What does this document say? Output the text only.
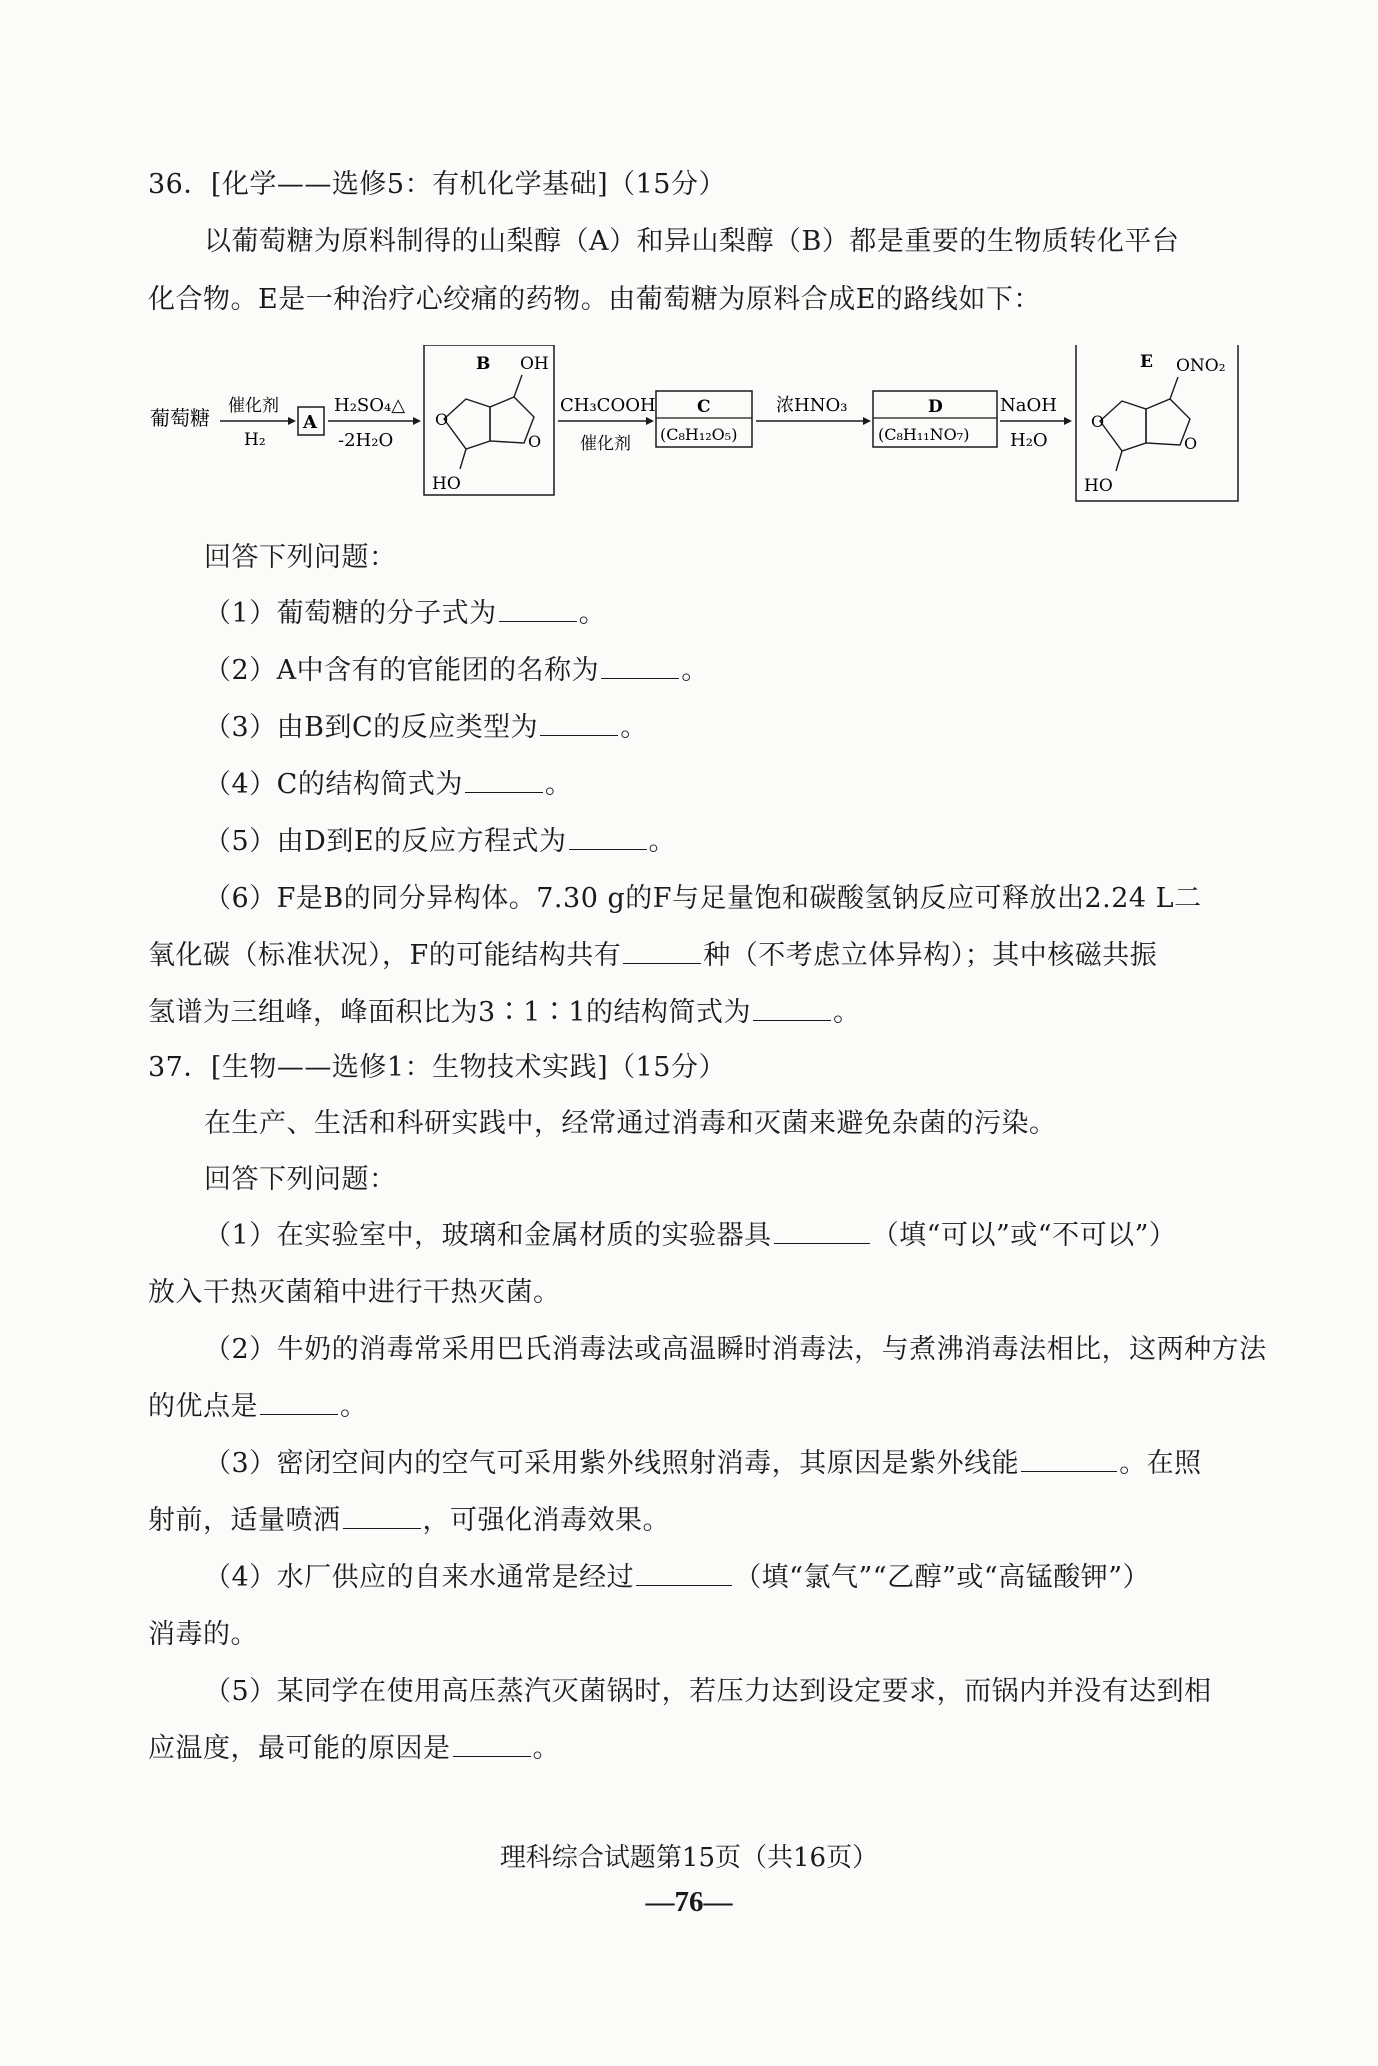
36．[化学——选修5：有机化学基础]（15分）
以葡萄糖为原料制得的山梨醇（A）和异山梨醇（B）都是重要的生物质转化平台
化合物。E是一种治疗心绞痛的药物。由葡萄糖为原料合成E的路线如下：
葡萄糖 催化剂
H₂
A
H₂SO₄△
-2H₂O
B OH
O
O
HO
CH₃COOH
催化剂
C
(C₈H₁₂O₅)
浓HNO₃	D
(C₈H₁₁NO₇)
NaOH
H₂O
E ONO₂
O
O
HO
回答下列问题：
（1）葡萄糖的分子式为	。
（2）A中含有的官能团的名称为	。
（3）由B到C的反应类型为	。
（4）C的结构简式为	。
（5）由D到E的反应方程式为	。
（6）F是B的同分异构体。7.30 g的F与足量饱和碳酸氢钠反应可释放出2.24 L二
氧化碳（标准状况），F的可能结构共有	种（不考虑立体异构）；其中核磁共振
氢谱为三组峰，峰面积比为3∶1∶1的结构简式为	。
37．[生物——选修1：生物技术实践]（15分）
在生产、生活和科研实践中，经常通过消毒和灭菌来避免杂菌的污染。
回答下列问题：
（1）在实验室中，玻璃和金属材质的实验器具	（填“可以”或“不可以”）
放入干热灭菌箱中进行干热灭菌。
（2）牛奶的消毒常采用巴氏消毒法或高温瞬时消毒法，与煮沸消毒法相比，这两种方法
的优点是	。
（3）密闭空间内的空气可采用紫外线照射消毒，其原因是紫外线能	。在照
射前，适量喷洒	，可强化消毒效果。
（4）水厂供应的自来水通常是经过	（填“氯气”“乙醇”或“高锰酸钾”）
消毒的。
（5）某同学在使用高压蒸汽灭菌锅时，若压力达到设定要求，而锅内并没有达到相
应温度，最可能的原因是	。
理科综合试题第15页（共16页）
—76—
